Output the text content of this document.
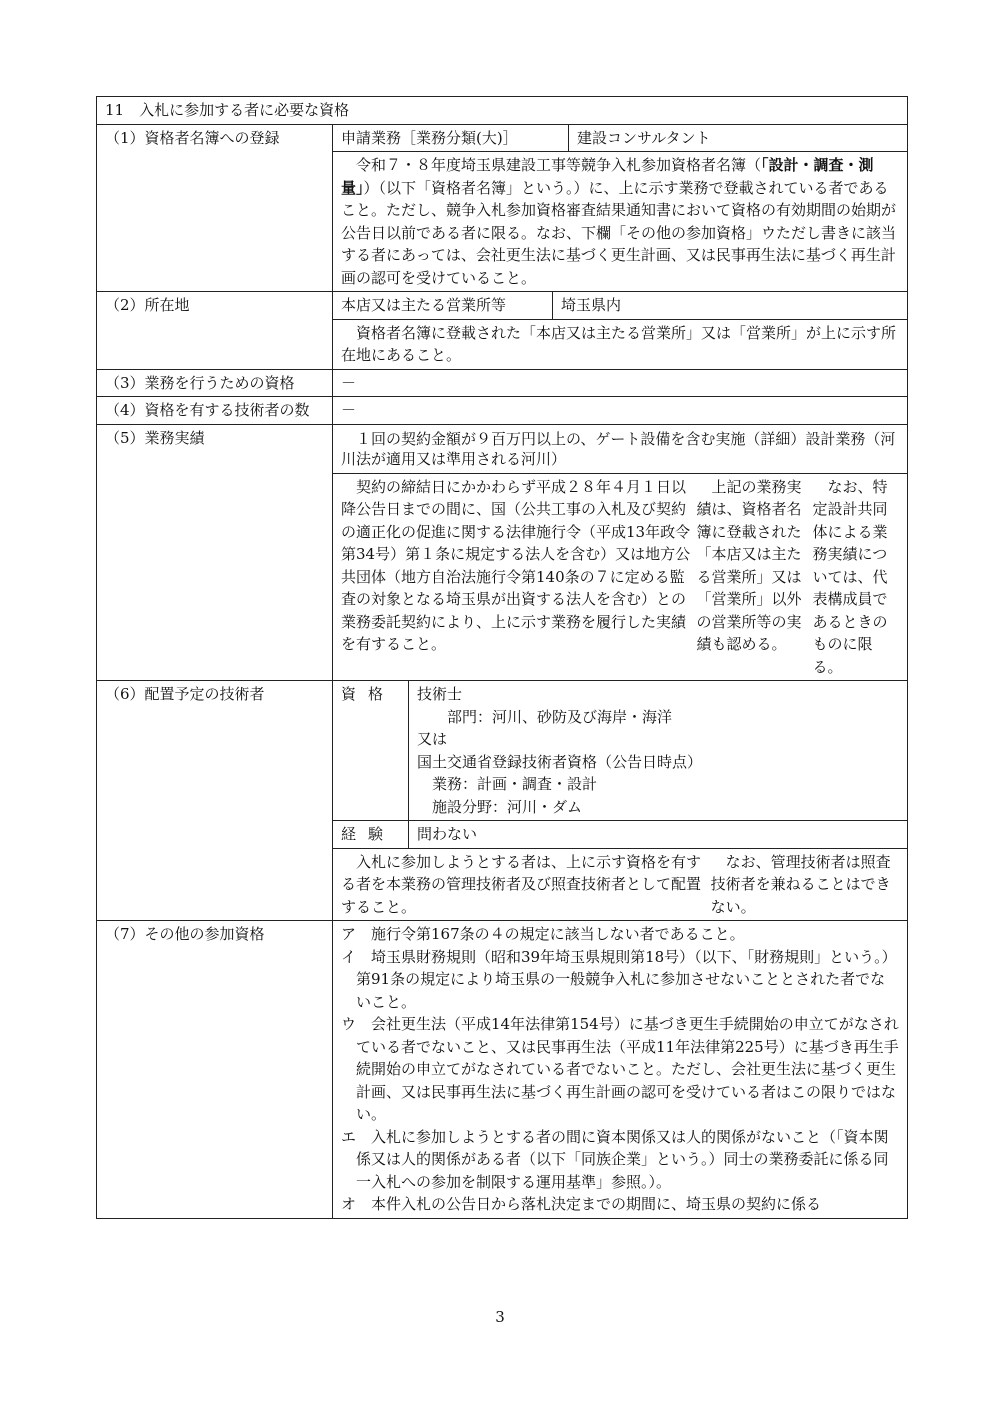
11　入札に参加する者に必要な資格
（1）資格者名簿への登録	申請業務［業務分類(大)］	建設コンサルタント

令和７・８年度埼玉県建設工事等競争入札参加資格者名簿（「設計・調査・測量」）（以下「資格者名簿」という。）に、上に示す業務で登載されている者であること。ただし、競争入札参加資格審査結果通知書において資格の有効期間の始期が公告日以前である者に限る。なお、下欄「その他の参加資格」ウただし書きに該当する者にあっては、会社更生法に基づく更生計画、又は民事再生法に基づく再生計画の認可を受けていること。

（2）所在地	本店又は主たる営業所等	埼玉県内

資格者名簿に登載された「本店又は主たる営業所」又は「営業所」が上に示す所在地にあること。

（3）業務を行うための資格	－
（4）資格を有する技術者の数	－
（5）業務実績	１回の契約金額が９百万円以上の、ゲート設備を含む実施（詳細）設計業務（河川法が適用又は準用される河川）

契約の締結日にかかわらず平成２８年４月１日以降公告日までの間に、国（公共工事の入札及び契約の適正化の促進に関する法律施行令（平成13年政令第34号）第１条に規定する法人を含む）又は地方公共団体（地方自治法施行令第140条の７に定める監査の対象となる埼玉県が出資する法人を含む）との業務委託契約により、上に示す業務を履行した実績を有すること。

上記の業務実績は、資格者名簿に登載された「本店又は主たる営業所」又は「営業所」以外の営業所等の実績も認める。

なお、特定設計共同体による業務実績については、代表構成員であるときのものに限る。

（6）配置予定の技術者	資格	技術士
部門：河川、砂防及び海岸・海洋
又は
国土交通省登録技術者資格（公告日時点）
業務：計画・調査・設計
施設分野：河川・ダム
経験	問わない

入札に参加しようとする者は、上に示す資格を有する者を本業務の管理技術者及び照査技術者として配置すること。

なお、管理技術者は照査技術者を兼ねることはできない。

（7）その他の参加資格	ア　施行令第167条の４の規定に該当しない者であること。
イ　埼玉県財務規則（昭和39年埼玉県規則第18号）（以下、「財務規則」という。）第91条の規定により埼玉県の一般競争入札に参加させないこととされた者でないこと。
ウ　会社更生法（平成14年法律第154号）に基づき更生手続開始の申立てがなされている者でないこと、又は民事再生法（平成11年法律第225号）に基づき再生手続開始の申立てがなされている者でないこと。ただし、会社更生法に基づく更生計画、又は民事再生法に基づく再生計画の認可を受けている者はこの限りではない。
エ　入札に参加しようとする者の間に資本関係又は人的関係がないこと（「資本関係又は人的関係がある者（以下「同族企業」という。）同士の業務委託に係る同一入札への参加を制限する運用基準」参照。）。
オ　本件入札の公告日から落札決定までの期間に、埼玉県の契約に係る
3
